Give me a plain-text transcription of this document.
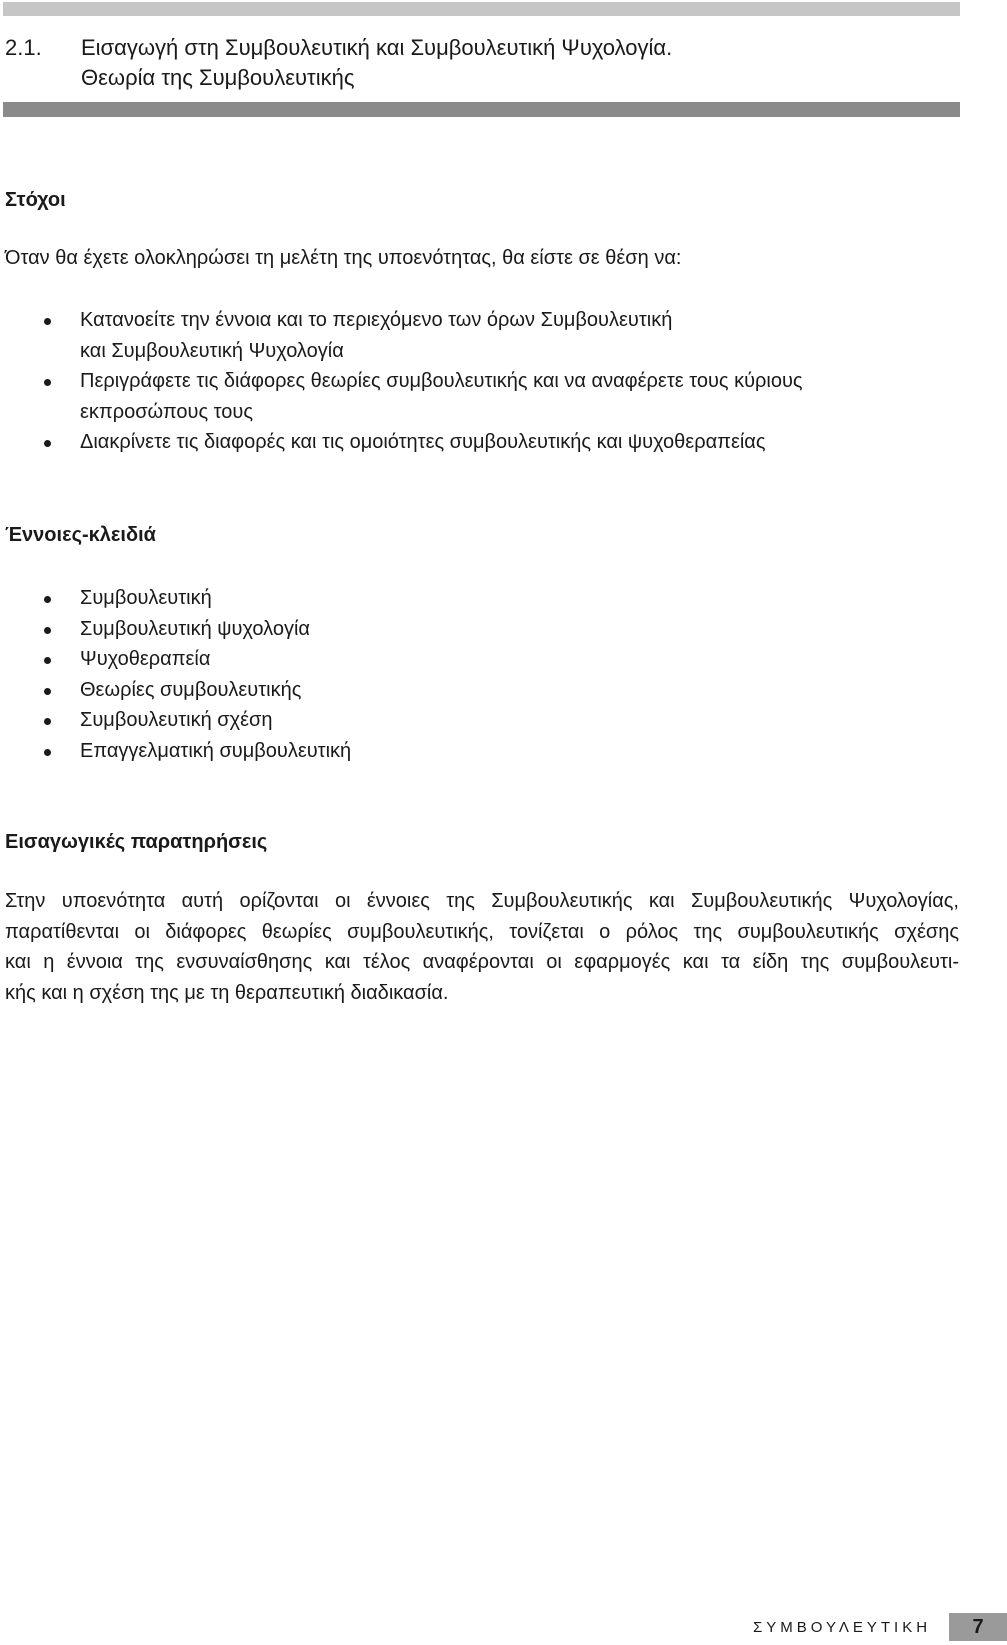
2.1. Εισαγωγή στη Συμβουλευτική και Συμβουλευτική Ψυχολογία.
Θεωρία της Συμβουλευτικής
Στόχοι
Όταν θα έχετε ολοκληρώσει τη μελέτη της υποενότητας, θα είστε σε θέση να:
Κατανοείτε την έννοια και το περιεχόμενο των όρων Συμβουλευτική
και Συμβουλευτική Ψυχολογία
Περιγράφετε τις διάφορες θεωρίες συμβουλευτικής και να αναφέρετε τους κύριους
εκπροσώπους τους
Διακρίνετε τις διαφορές και τις ομοιότητες συμβουλευτικής και ψυχοθεραπείας
Έννοιες-κλειδιά
Συμβουλευτική
Συμβουλευτική ψυχολογία
Ψυχοθεραπεία
Θεωρίες συμβουλευτικής
Συμβουλευτική σχέση
Επαγγελματική συμβουλευτική
Εισαγωγικές παρατηρήσεις
Στην υποενότητα αυτή ορίζονται οι έννοιες της Συμβουλευτικής και Συμβουλευτικής Ψυχολογίας,
παρατίθενται οι διάφορες θεωρίες συμβουλευτικής, τονίζεται ο ρόλος της συμβουλευτικής σχέσης
και η έννοια της ενσυναίσθησης και τέλος αναφέρονται οι εφαρμογές και τα είδη της συμβουλευτι-
κής και η σχέση της με τη θεραπευτική διαδικασία.
ΣΥΜΒΟΥΛΕΥΤΙΚΗ	7
